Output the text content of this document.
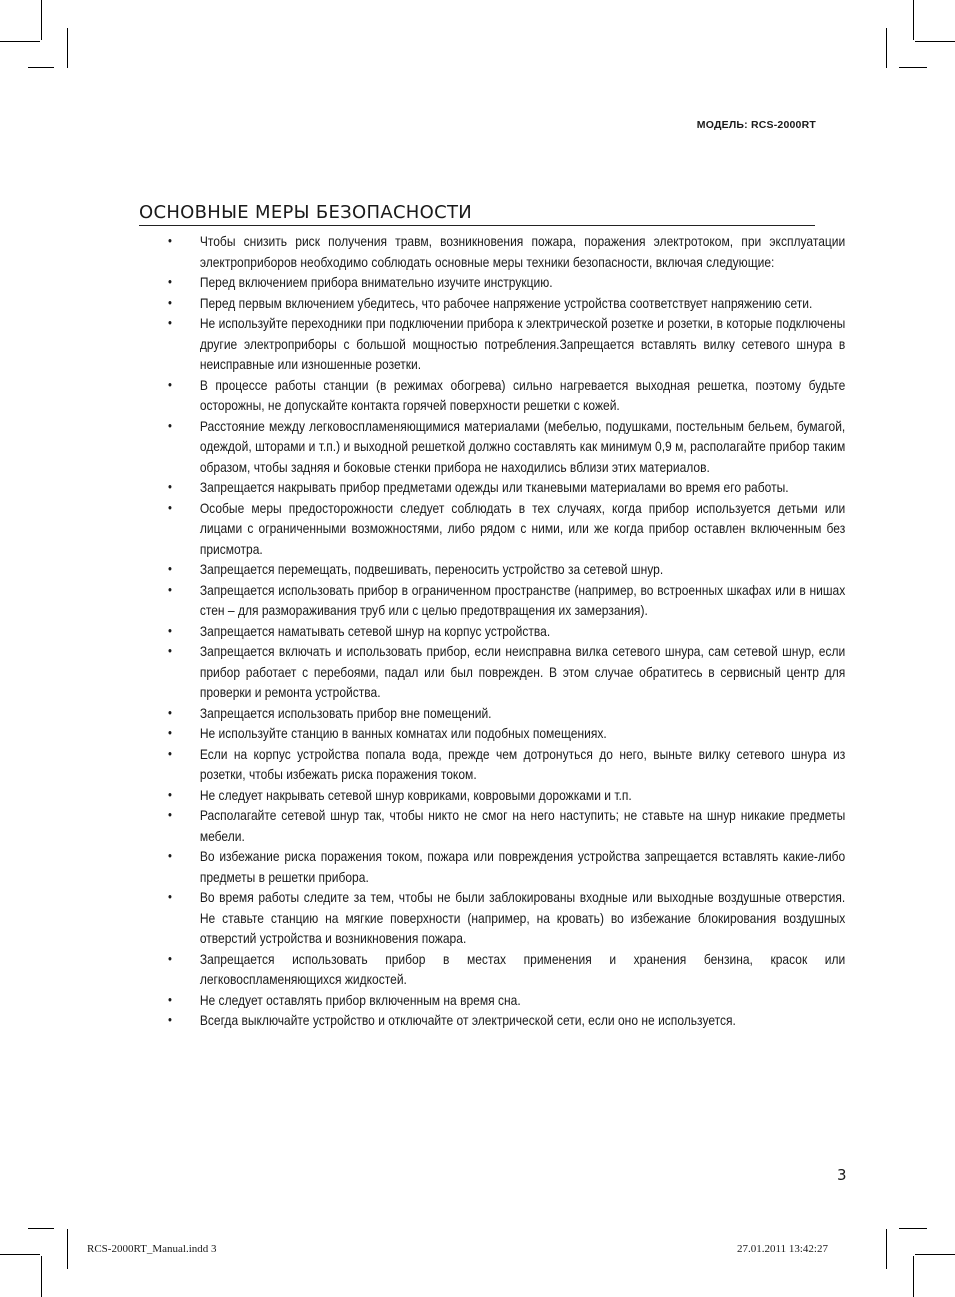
МОДЕЛЬ: RCS-2000RT
ОСНОВНЫЕ МЕРЫ БЕЗОПАСНОСТИ
• Чтобы снизить риск получения травм, возникновения пожара, поражения электротоком, при эксплуатации электроприборов необходимо соблюдать основные меры техники безопасности, включая следующие:
• Перед включением прибора внимательно изучите инструкцию.
• Перед первым включением убедитесь, что рабочее напряжение устройства соответствует напряжению сети.
• Не используйте переходники при подключении прибора к электрической розетке и розетки, в которые подключены другие электроприборы с большой мощностью потребления.Запрещается вставлять вилку сетевого шнура в неисправные или изношенные розетки.
• В процессе работы станции (в режимах обогрева) сильно нагревается выходная решетка, поэтому будьте осторожны, не допускайте контакта горячей поверхности решетки с кожей.
• Расстояние между легковоспламеняющимися материалами (мебелью, подушками, постельным бельем, бумагой, одеждой, шторами и т.п.) и выходной решеткой должно составлять как минимум 0,9 м, располагайте прибор таким образом, чтобы задняя и боковые стенки прибора не находились вблизи этих материалов.
• Запрещается накрывать прибор предметами одежды или тканевыми материалами во время его работы.
• Особые меры предосторожности следует соблюдать в тех случаях, когда прибор используется детьми или лицами с ограниченными возможностями, либо рядом с ними, или же когда прибор оставлен включенным без присмотра.
• Запрещается перемещать, подвешивать, переносить устройство за сетевой шнур.
• Запрещается использовать прибор в ограниченном пространстве (например, во встроенных шкафах или в нишах стен – для размораживания труб или с целью предотвращения их замерзания).
• Запрещается наматывать сетевой шнур на корпус устройства.
• Запрещается включать и использовать прибор, если неисправна вилка сетевого шнура, сам сетевой шнур, если прибор работает с перебоями, падал или был поврежден. В этом случае обратитесь в сервисный центр для проверки и ремонта устройства.
• Запрещается использовать прибор вне помещений.
• Не используйте станцию в ванных комнатах или подобных помещениях.
• Если на корпус устройства попала вода, прежде чем дотронуться до него, выньте вилку сетевого шнура из розетки, чтобы избежать риска поражения током.
• Не следует накрывать сетевой шнур ковриками, ковровыми дорожками и т.п.
• Располагайте сетевой шнур так, чтобы никто не смог на него наступить; не ставьте на шнур никакие предметы мебели.
• Во избежание риска поражения током, пожара или повреждения устройства запрещается вставлять какие-либо предметы в решетки прибора.
• Во время работы следите за тем, чтобы не были заблокированы входные или выходные воздушные отверстия. Не ставьте станцию на мягкие поверхности (например, на кровать) во избежание блокирования воздушных отверстий устройства и возникновения пожара.
• Запрещается использовать прибор в местах применения и хранения бензина, красок или легковоспламеняющихся жидкостей.
• Не следует оставлять прибор включенным на время сна.
• Всегда выключайте устройство и отключайте от электрической сети, если оно не используется.
3
RCS-2000RT_Manual.indd 3	27.01.2011 13:42:27
